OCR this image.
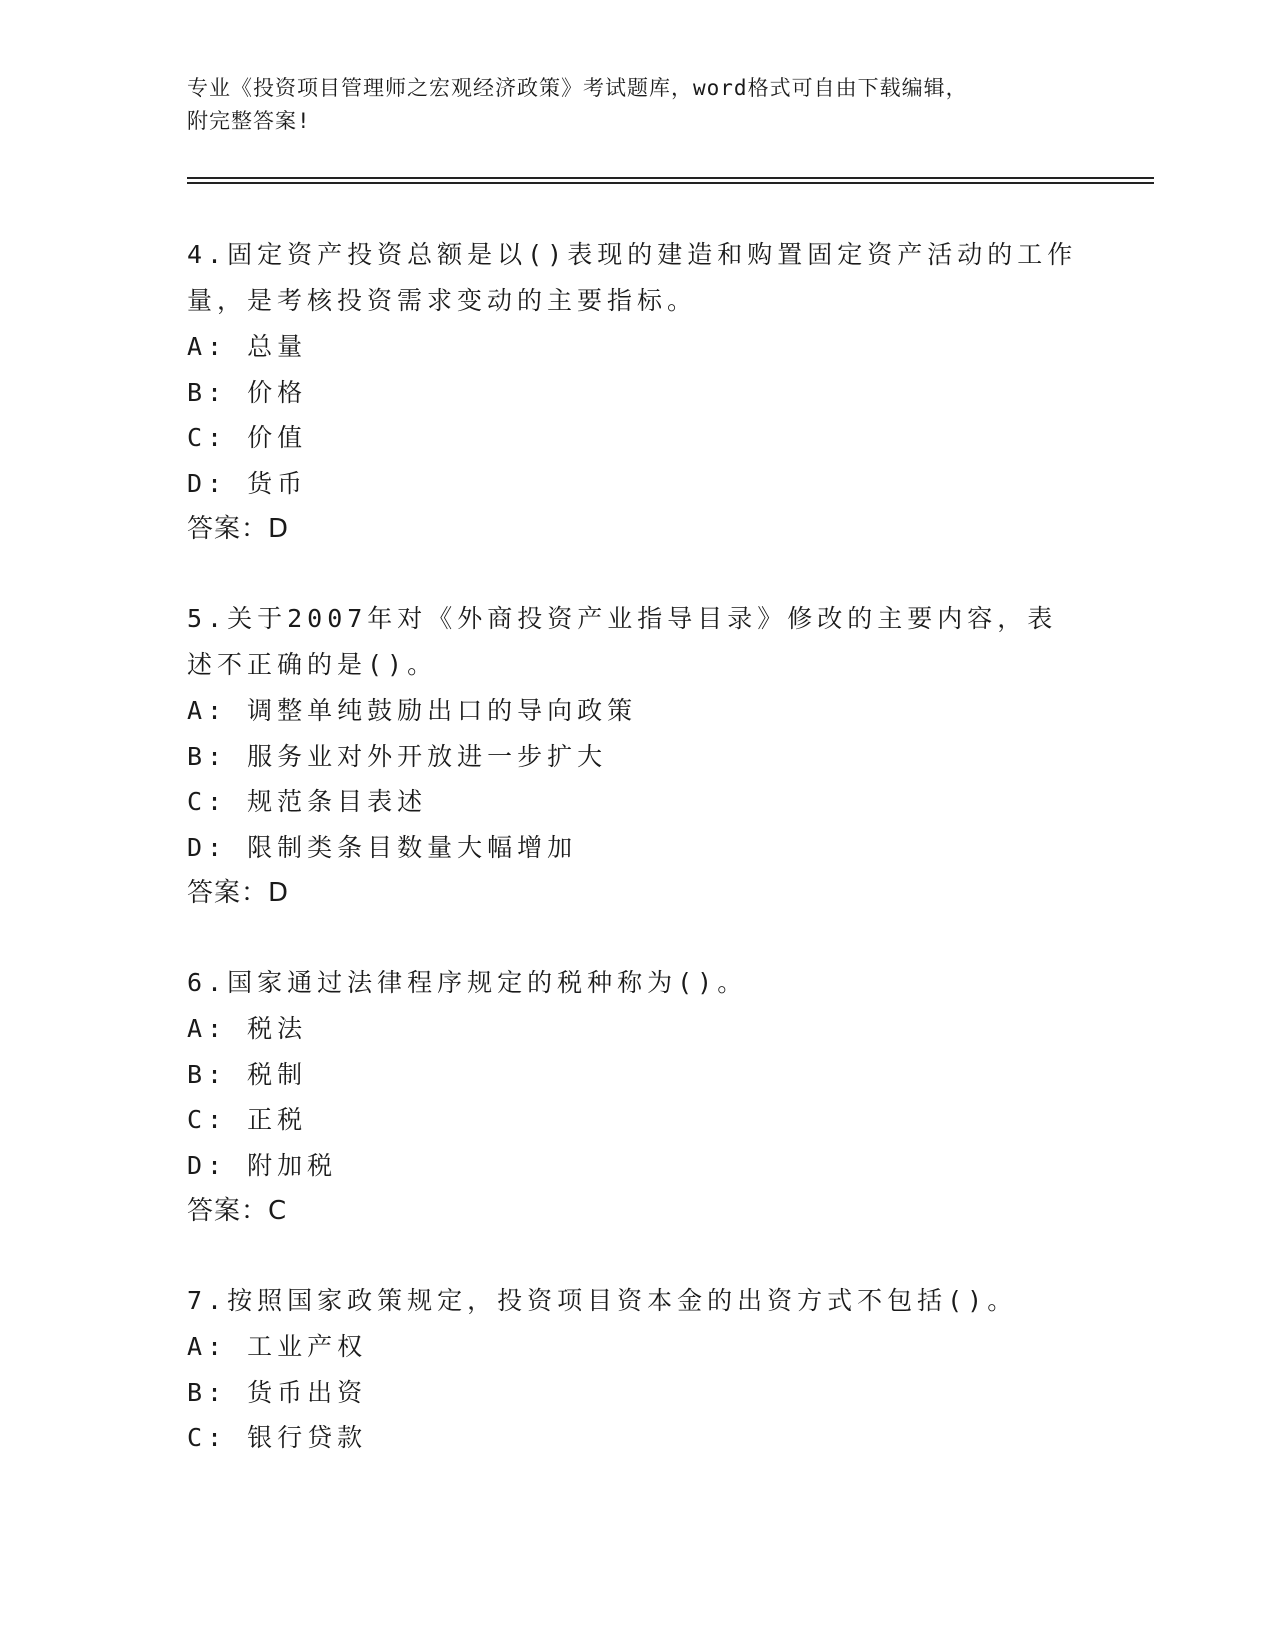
专业《投资项目管理师之宏观经济政策》考试题库，word格式可自由下载编辑，
附完整答案!
4.固定资产投资总额是以()表现的建造和购置固定资产活动的工作量，是考核投资需求变动的主要指标。
A: 总量
B: 价格
C: 价值
D: 货币
答案：D
5.关于2007年对《外商投资产业指导目录》修改的主要内容，表述不正确的是()。
A: 调整单纯鼓励出口的导向政策
B: 服务业对外开放进一步扩大
C: 规范条目表述
D: 限制类条目数量大幅增加
答案：D
6.国家通过法律程序规定的税种称为()。
A: 税法
B: 税制
C: 正税
D: 附加税
答案：C
7.按照国家政策规定，投资项目资本金的出资方式不包括()。
A: 工业产权
B: 货币出资
C: 银行贷款
